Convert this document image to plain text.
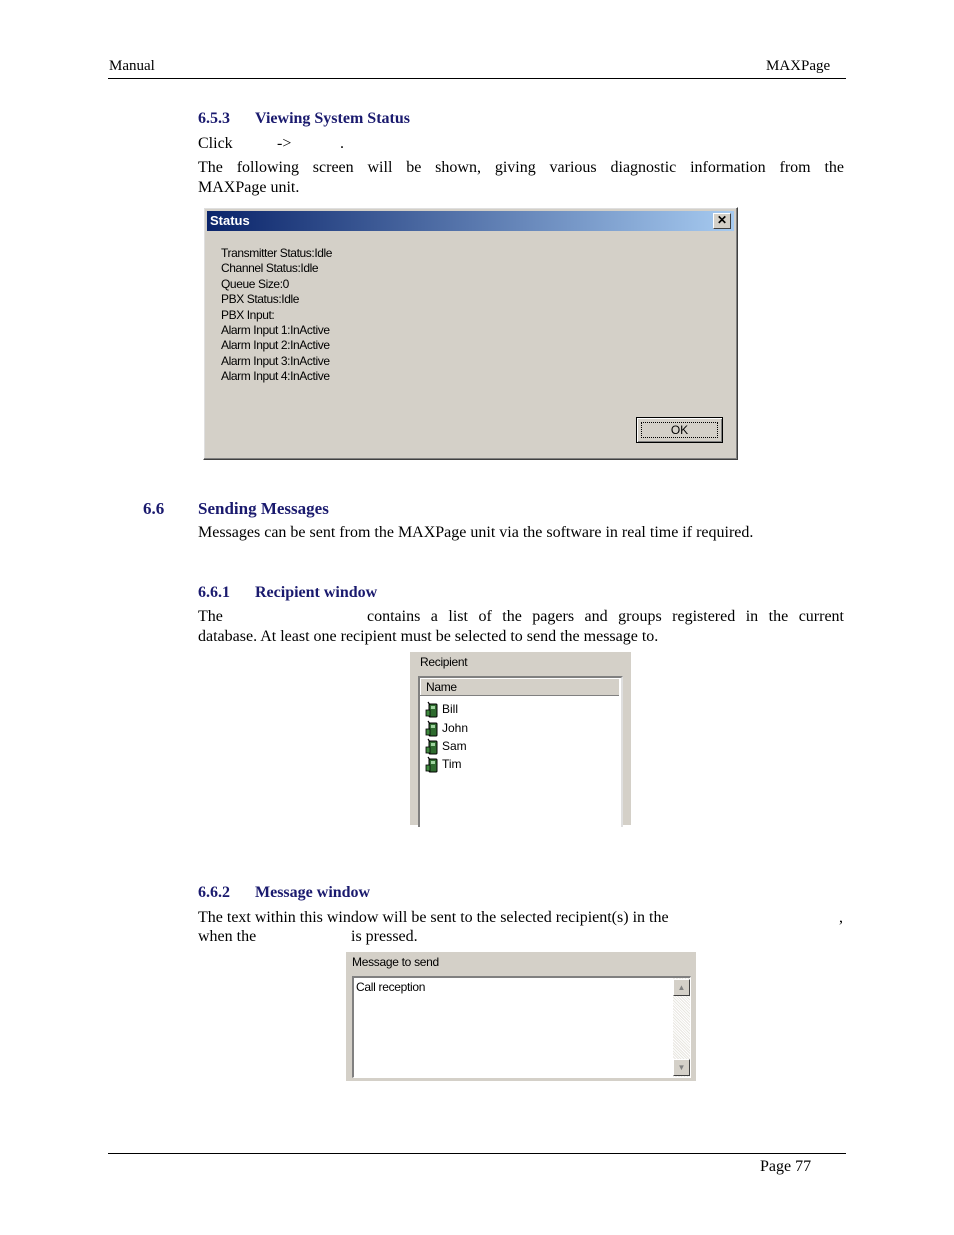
Manual	MAXPage
6.5.3 Viewing System Status
Click	->	.
The following screen will be shown, giving various diagnostic information from the
MAXPage unit.
Status	✕
Transmitter Status:Idle
Channel Status:Idle
Queue Size:0
PBX Status:Idle
PBX Input:
Alarm Input 1:InActive
Alarm Input 2:InActive
Alarm Input 3:InActive
Alarm Input 4:InActive
OK
6.6 Sending Messages
Messages can be sent from the MAXPage unit via the software in real time if required.
6.6.1 Recipient window
The	contains a list of the pagers and groups registered in the current
database. At least one recipient must be selected to send the message to.
Recipient
Name
Bill
John
Sam
Tim
6.6.2 Message window
The text within this window will be sent to the selected recipient(s) in the	,
when the	is pressed.
Message to send
Call reception	▲
▼
Page 77
